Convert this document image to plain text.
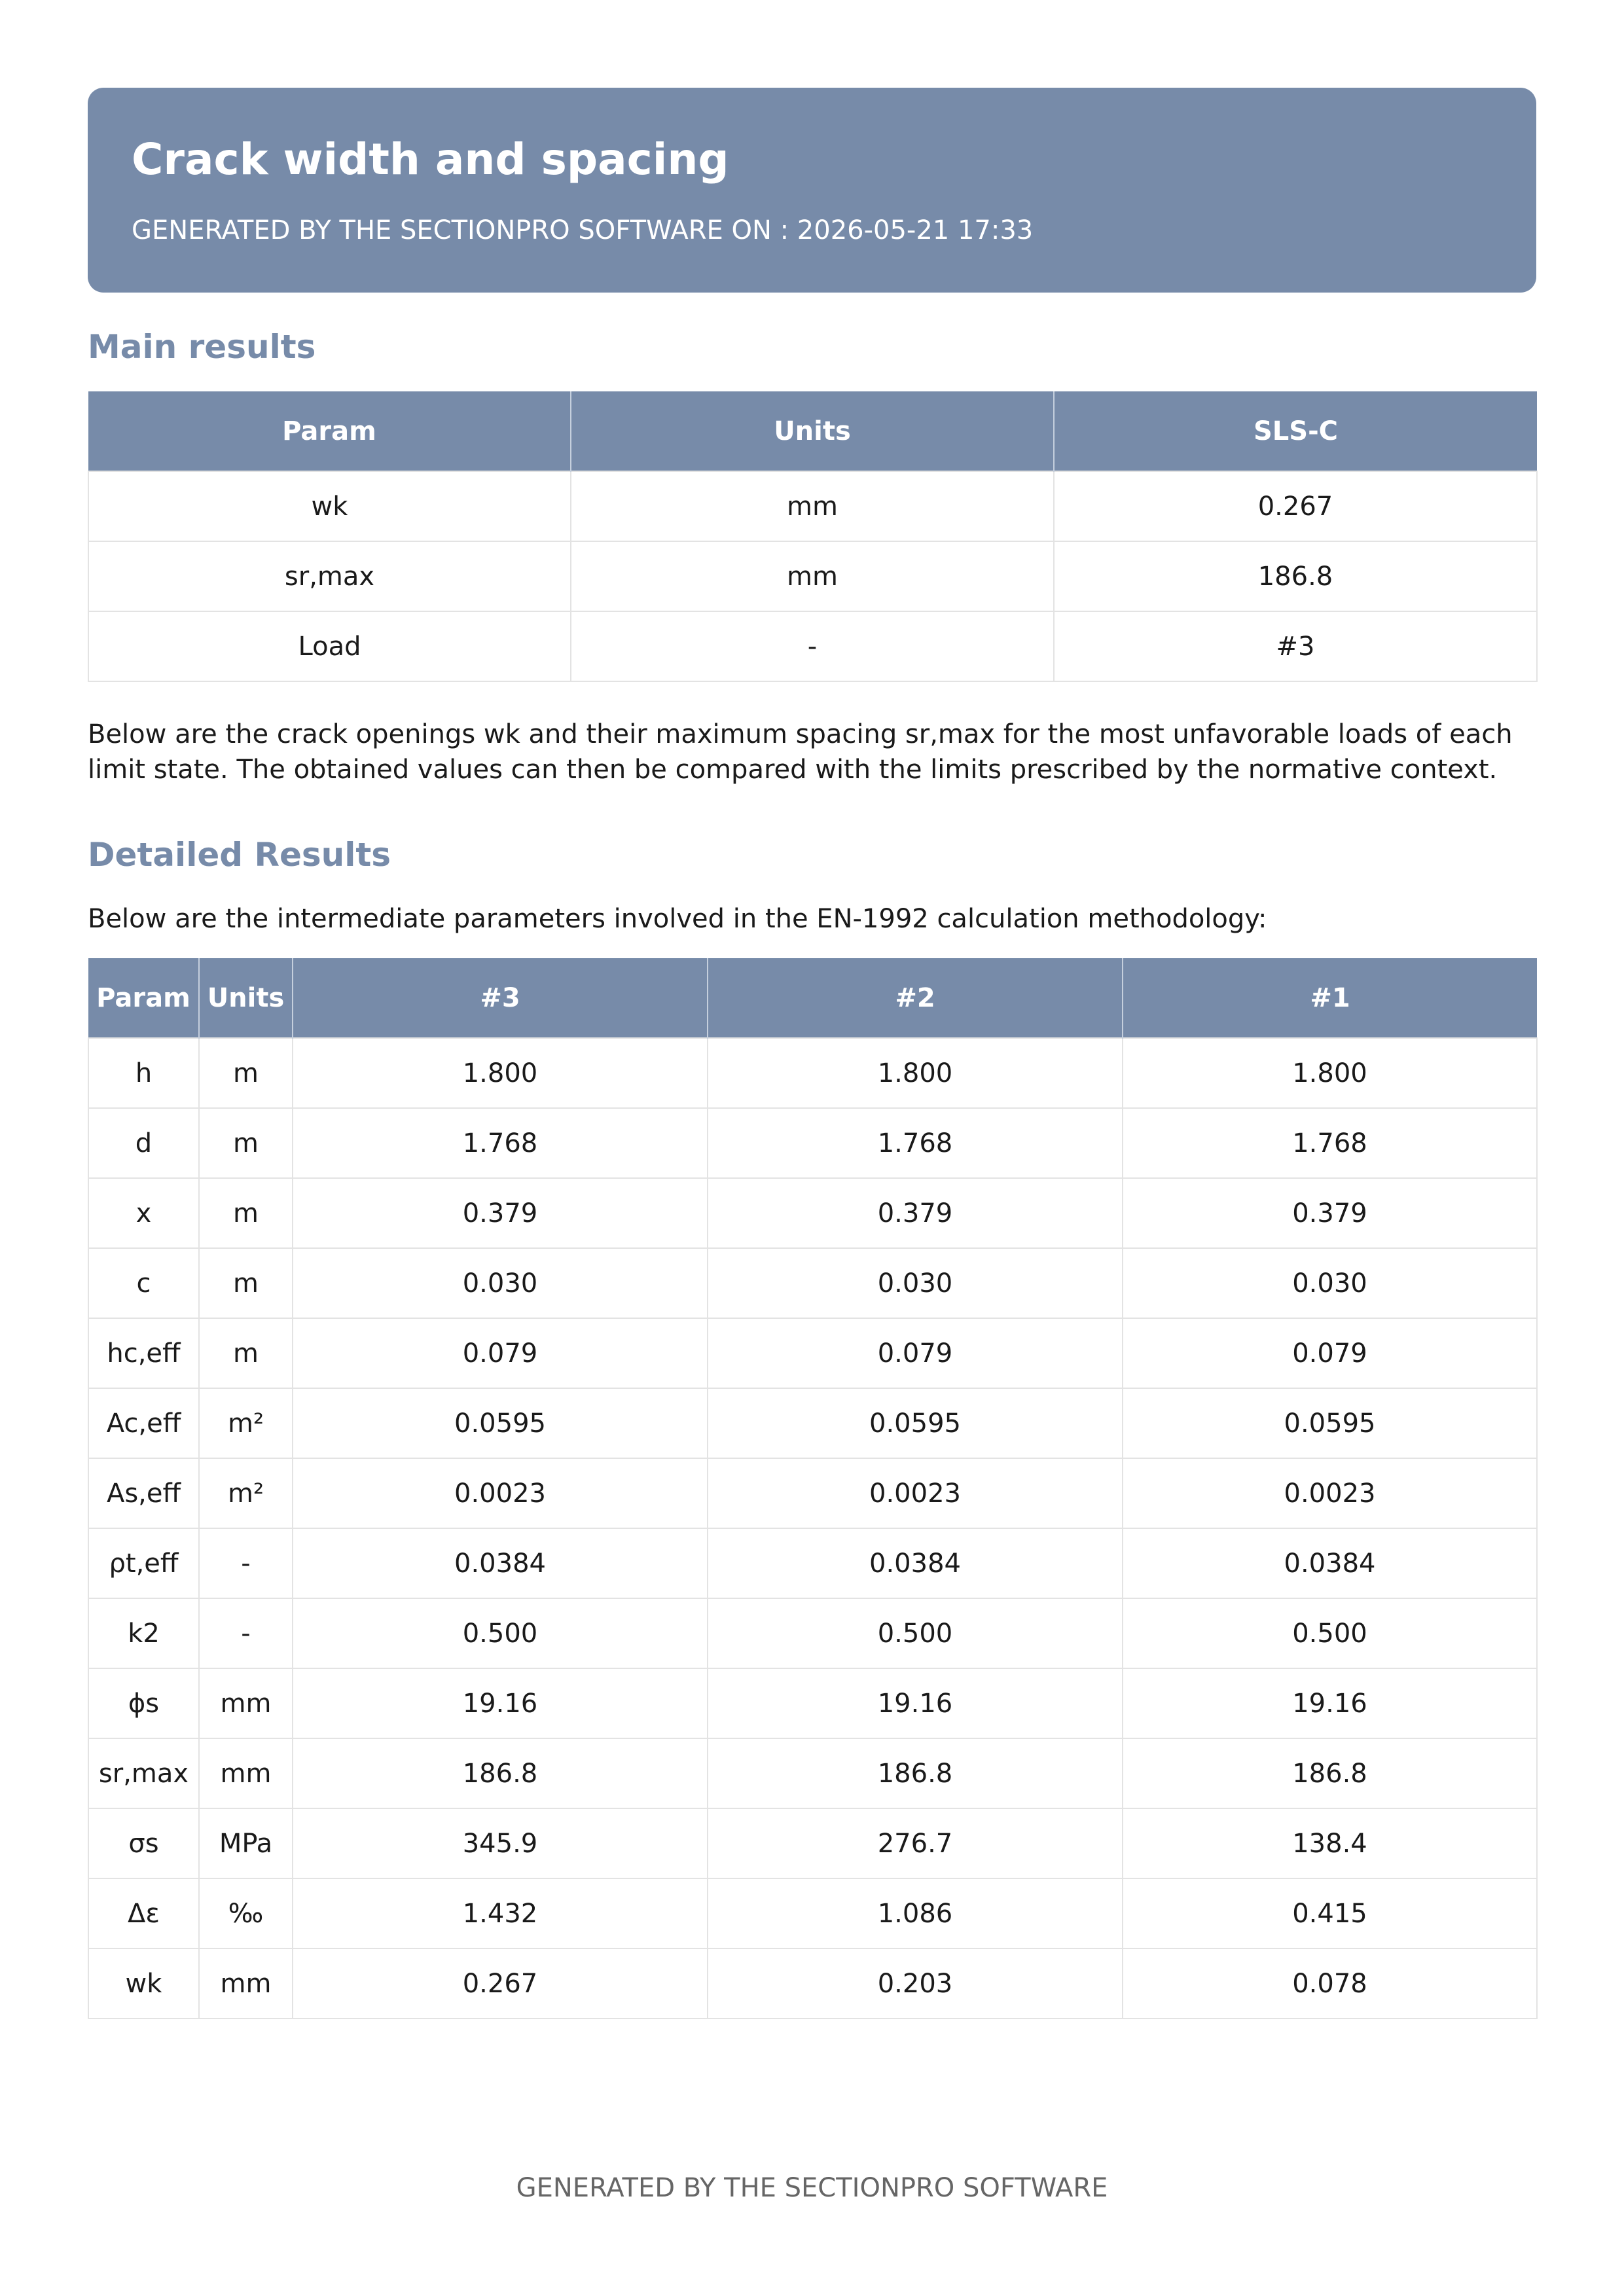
Crack width and spacing

GENERATED BY THE SECTIONPRO SOFTWARE ON : 2026-05-21 17:33

Main results
Param	Units	SLS-C
wk	mm	0.267
sr,max	mm	186.8
Load	-	#3

Below are the crack openings wk and their maximum spacing sr,max for the most unfavorable loads of each limit state. The obtained values can then be compared with the limits prescribed by the normative context.

Detailed Results

Below are the intermediate parameters involved in the EN-1992 calculation methodology:

Param	Units	#3	#2	#1
h	m	1.800	1.800	1.800
d	m	1.768	1.768	1.768
x	m	0.379	0.379	0.379
c	m	0.030	0.030	0.030
hc,eff	m	0.079	0.079	0.079
Ac,eff	m²	0.0595	0.0595	0.0595
As,eff	m²	0.0023	0.0023	0.0023
ρt,eff	-	0.0384	0.0384	0.0384
k2	-	0.500	0.500	0.500
ϕs	mm	19.16	19.16	19.16
sr,max	mm	186.8	186.8	186.8
σs	MPa	345.9	276.7	138.4
Δε	‰	1.432	1.086	0.415
wk	mm	0.267	0.203	0.078

GENERATED BY THE SECTIONPRO SOFTWARE
